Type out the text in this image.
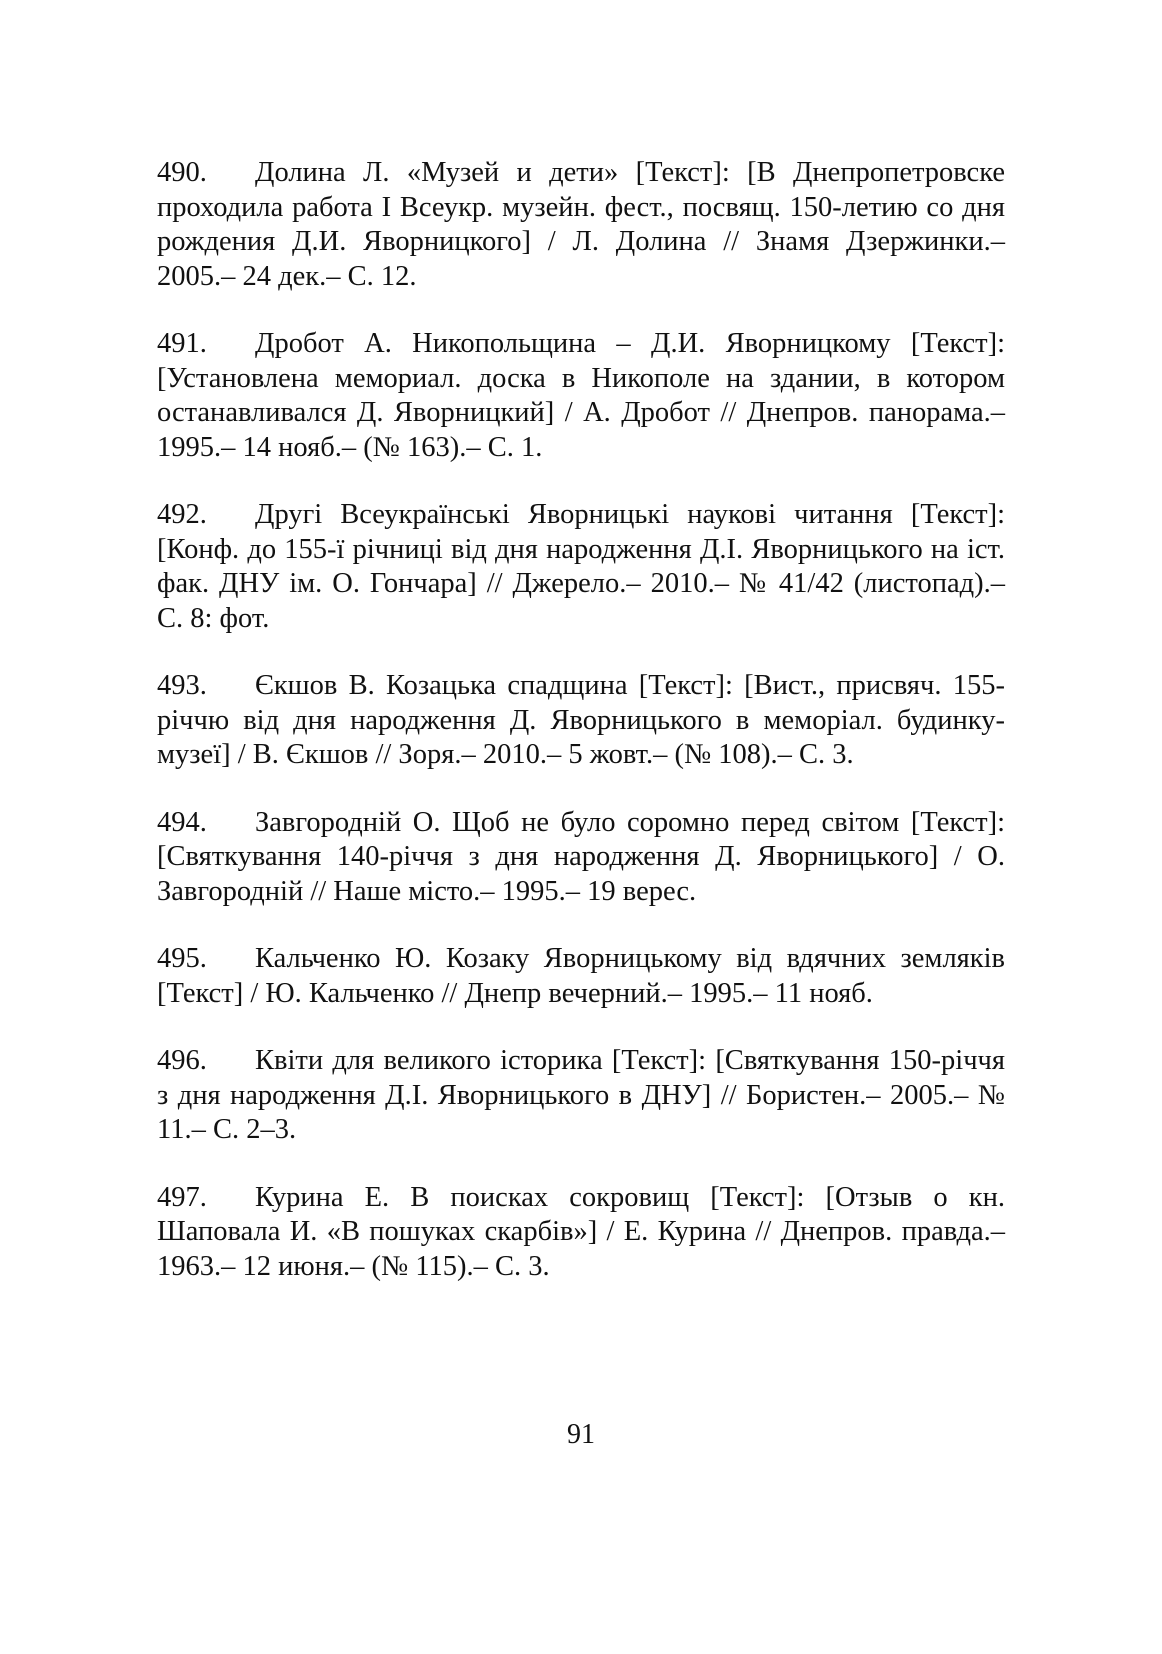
490. Долина Л. «Музей и дети» [Текст]: [В Днепропетровске проходила работа I Всеукр. музейн. фест., посвящ. 150-летию со дня рождения Д.И. Яворницкого] / Л. Долина // Знамя Дзержинки.– 2005.– 24 дек.– С. 12.

491. Дробот А. Никопольщина – Д.И. Яворницкому [Текст]: [Установлена мемориал. доска в Никополе на здании, в котором останавливался Д. Яворницкий] / А. Дробот // Днепров. панорама.– 1995.– 14 нояб.– (№ 163).– С. 1.

492. Другі Всеукраїнські Яворницькі наукові читання [Текст]: [Конф. до 155-ї річниці від дня народження Д.І. Яворницького на іст. фак. ДНУ ім. О. Гончара] // Джерело.– 2010.– № 41/42 (листопад).– С. 8: фот.

493. Єкшов В. Козацька спадщина [Текст]: [Вист., присвяч. 155-річчю від дня народження Д. Яворницького в меморіал. будинку-музеї] / В. Єкшов // Зоря.– 2010.– 5 жовт.– (№ 108).– С. 3.

494. Завгородній О. Щоб не було соромно перед світом [Текст]: [Святкування 140-річчя з дня народження Д. Яворницького] / О. Завгородній // Наше місто.– 1995.– 19 верес.

495. Кальченко Ю. Козаку Яворницькому від вдячних земляків [Текст] / Ю. Кальченко // Днепр вечерний.– 1995.– 11 нояб.

496. Квіти для великого історика [Текст]: [Святкування 150-річчя з дня народження Д.І. Яворницького в ДНУ] // Бористен.– 2005.– № 11.– С. 2–3.

497. Курина Е. В поисках сокровищ [Текст]: [Отзыв о кн. Шаповала И. «В пошуках скарбів»] / Е. Курина // Днепров. правда.– 1963.– 12 июня.– (№ 115).– С. 3.

91
